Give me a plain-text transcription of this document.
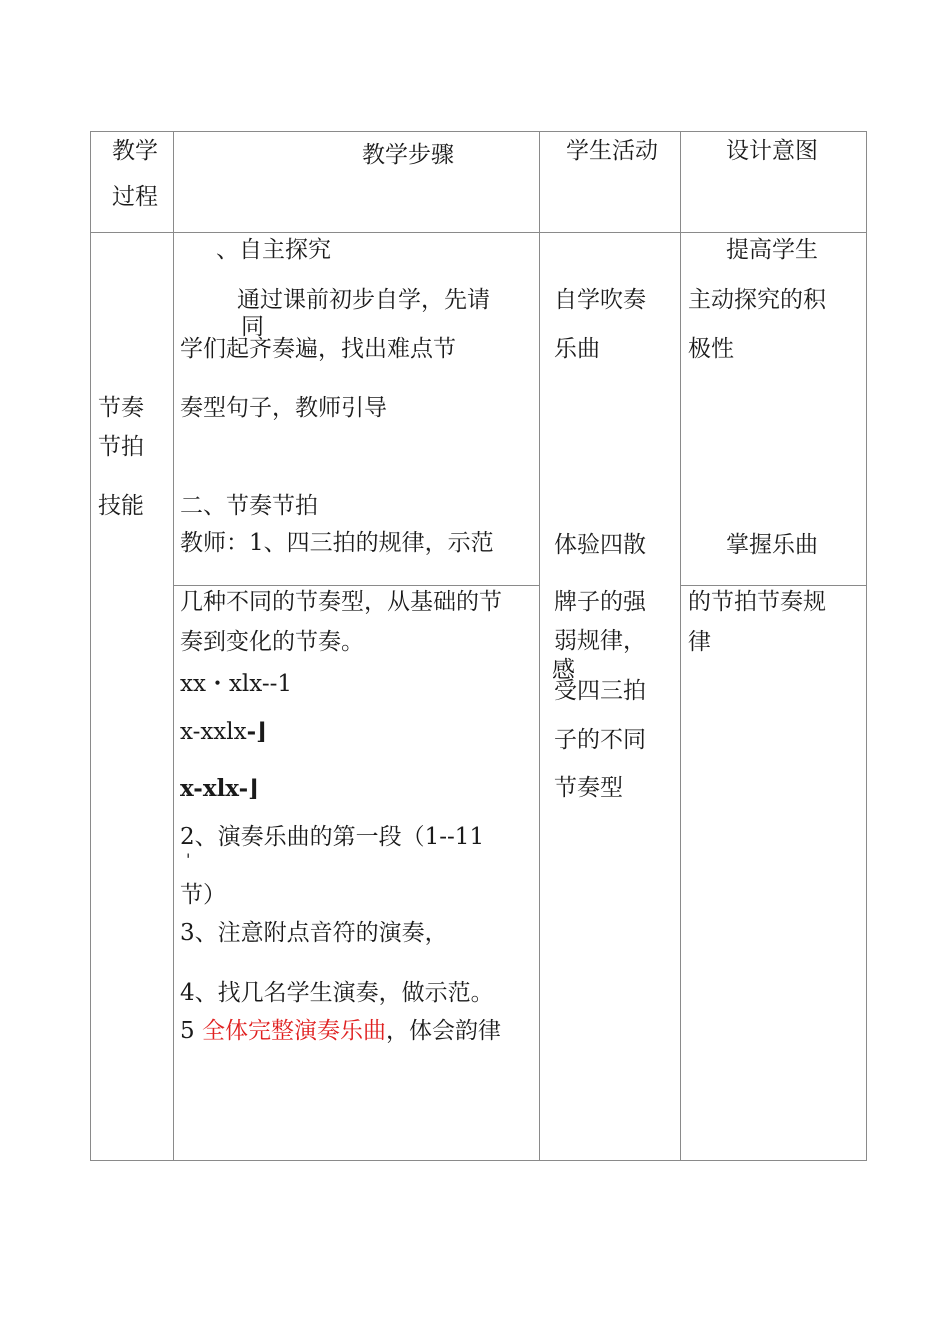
教学
过程
教学步骤	学生活动	设计意图
节奏
节拍
技能
、自主探究
通过课前初步自学，先请
同
学们起齐奏遍，找出难点节
奏型句子，教师引导
二、节奏节拍
教师：1、四三拍的规律，示范
几种不同的节奏型，从基础的节
奏到变化的节奏。
xx・xlx--1
x-xxlx-⌋
x-xlx-⌋
2、演奏乐曲的第一段（1--11
'
节）
3、注意附点音符的演奏，
4、找几名学生演奏，做示范。
5 全体完整演奏乐曲，体会韵律
自学吹奏
乐曲
体验四散
牌子的强
弱规律，
感
受四三拍
子的不同
节奏型
提高学生
主动探究的积
极性
掌握乐曲
的节拍节奏规
律
